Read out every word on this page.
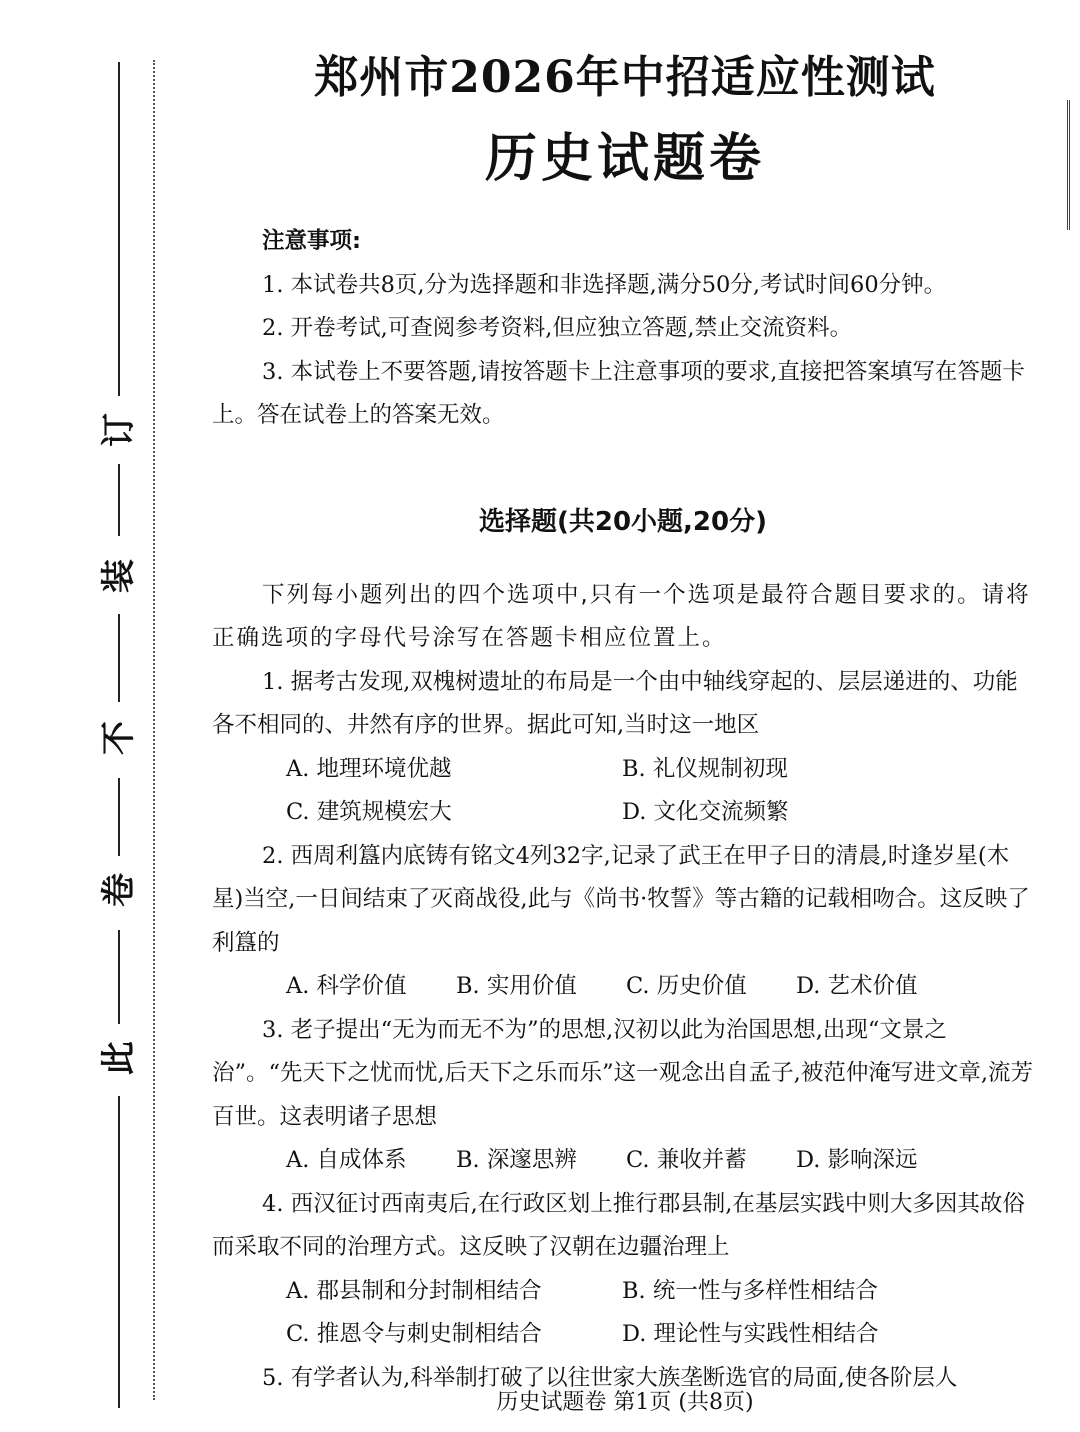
订
装
不
卷
此
郑州市2026年中招适应性测试
历史试题卷

注意事项:

1. 本试卷共8页,分为选择题和非选择题,满分50分,考试时间60分钟。

2. 开卷考试,可查阅参考资料,但应独立答题,禁止交流资料。

3. 本试卷上不要答题,请按答题卡上注意事项的要求,直接把答案填写在答题卡上。答在试卷上的答案无效。

选择题(共20小题,20分)

下列每小题列出的四个选项中,只有一个选项是最符合题目要求的。请将正确选项的字母代号涂写在答题卡相应位置上。

1. 据考古发现,双槐树遗址的布局是一个由中轴线穿起的、层层递进的、功能各不相同的、井然有序的世界。据此可知,当时这一地区

A. 地理环境优越	B. 礼仪规制初现
C. 建筑规模宏大	D. 文化交流频繁

2. 西周利簋内底铸有铭文4列32字,记录了武王在甲子日的清晨,时逢岁星(木星)当空,一日间结束了灭商战役,此与《尚书·牧誓》等古籍的记载相吻合。这反映了利簋的

A. 科学价值	B. 实用价值	C. 历史价值	D. 艺术价值

3. 老子提出“无为而无不为”的思想,汉初以此为治国思想,出现“文景之治”。“先天下之忧而忧,后天下之乐而乐”这一观念出自孟子,被范仲淹写进文章,流芳百世。这表明诸子思想

A. 自成体系	B. 深邃思辨	C. 兼收并蓄	D. 影响深远

4. 西汉征讨西南夷后,在行政区划上推行郡县制,在基层实践中则大多因其故俗而采取不同的治理方式。这反映了汉朝在边疆治理上

A. 郡县制和分封制相结合	B. 统一性与多样性相结合
C. 推恩令与刺史制相结合	D. 理论性与实践性相结合

5. 有学者认为,科举制打破了以往世家大族垄断选官的局面,使各阶层人

历史试题卷 第1页 (共8页)
